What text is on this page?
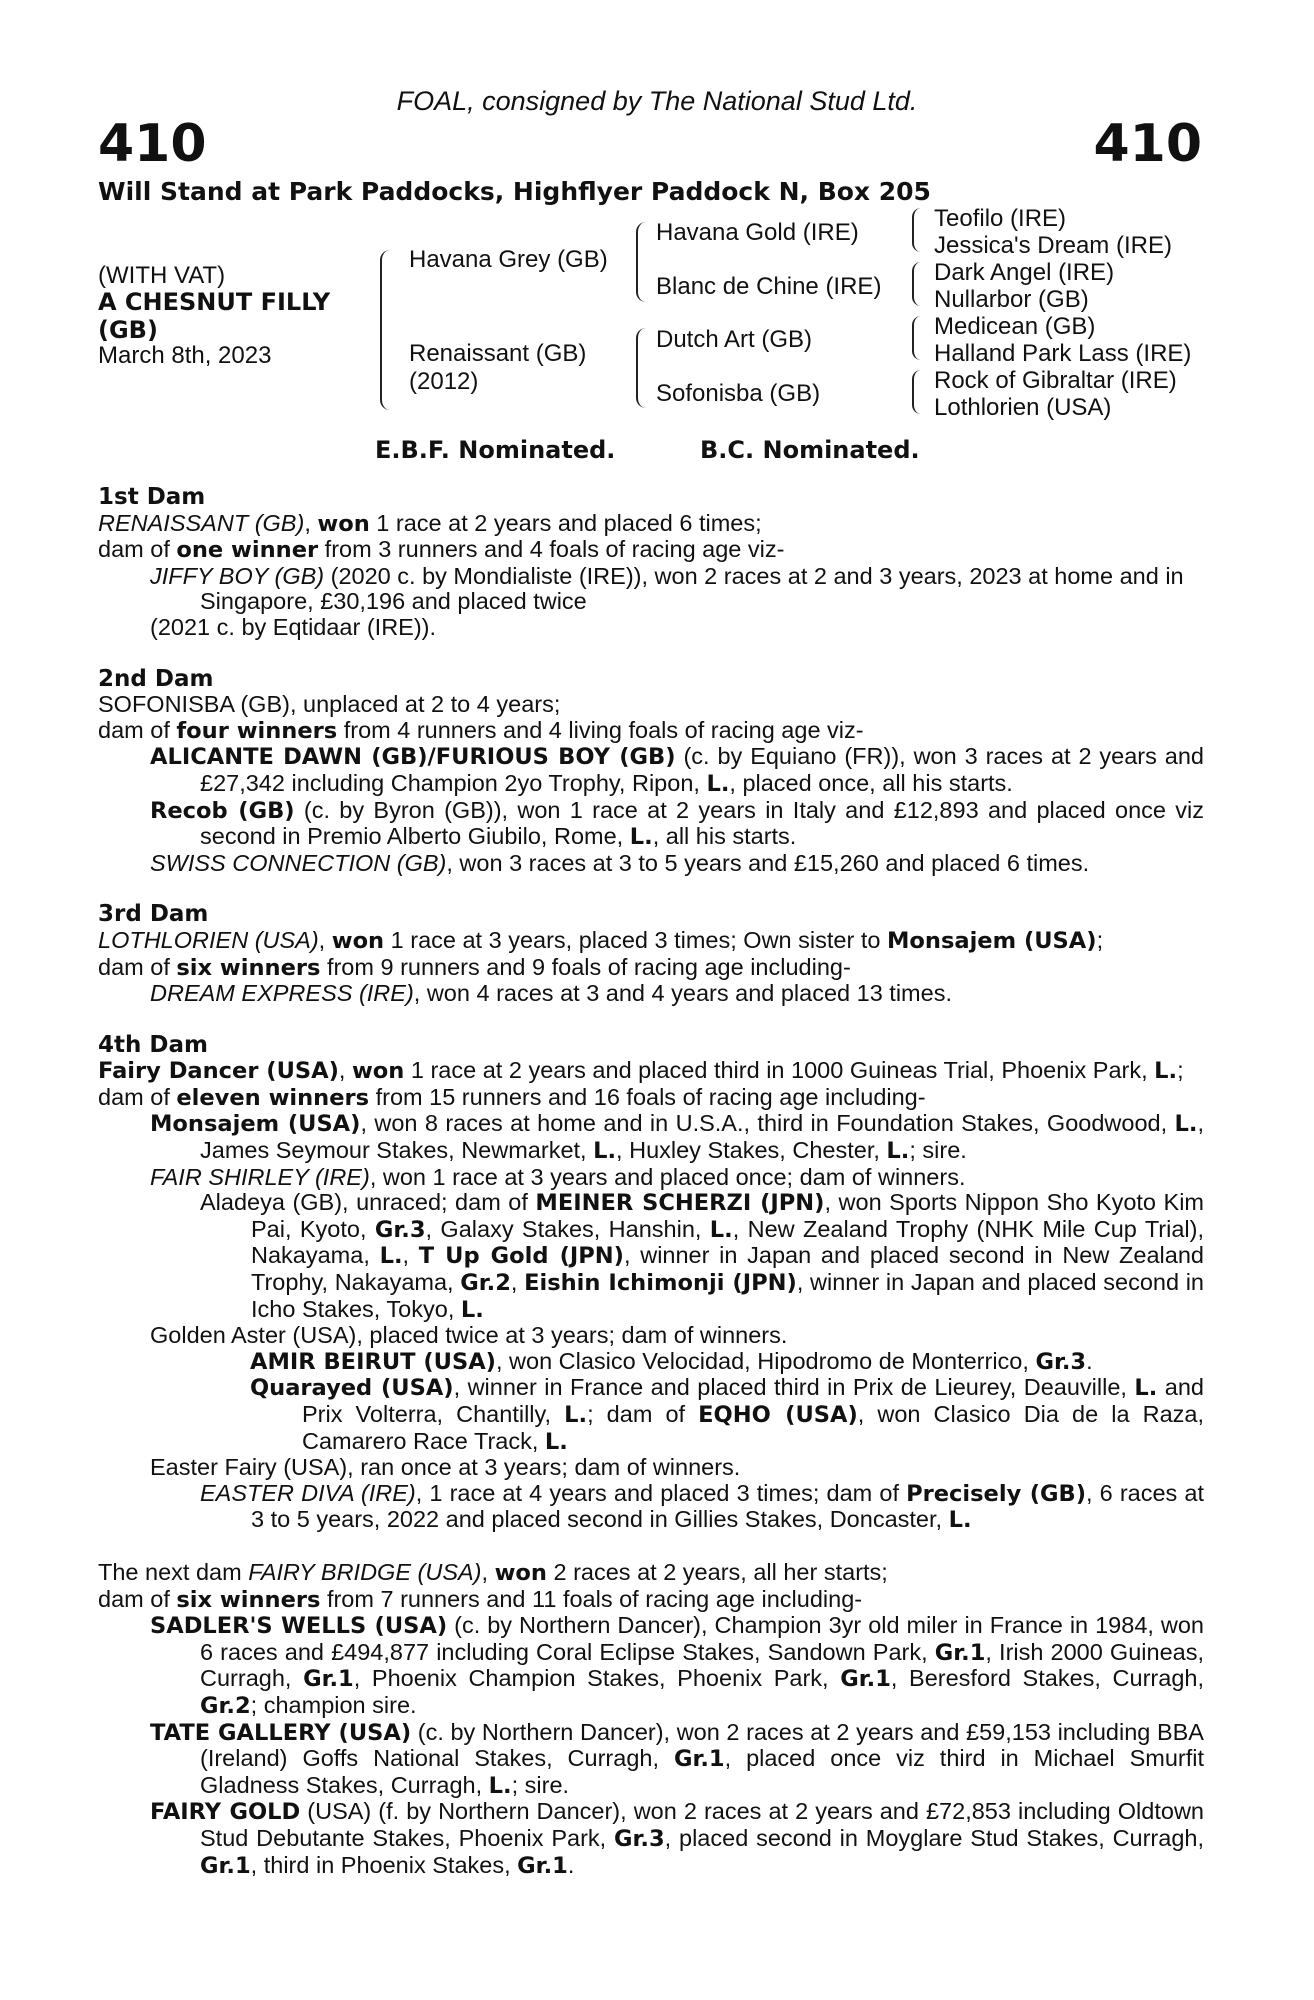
FOAL, consigned by The National Stud Ltd.
410	410
Will Stand at Park Paddocks, Highflyer Paddock N, Box 205
(WITH VAT)
A CHESNUT FILLY
(GB)
March 8th, 2023
Havana Grey (GB)
Renaissant (GB)
(2012)
Havana Gold (IRE)
Blanc de Chine (IRE)
Dutch Art (GB)
Sofonisba (GB)
Teofilo (IRE)
Jessica's Dream (IRE)
Dark Angel (IRE)
Nullarbor (GB)
Medicean (GB)
Halland Park Lass (IRE)
Rock of Gibraltar (IRE)
Lothlorien (USA)
E.B.F. Nominated.	B.C. Nominated.

1st Dam

RENAISSANT (GB), won 1 race at 2 years and placed 6 times;

dam of one winner from 3 runners and 4 foals of racing age viz-

JIFFY BOY (GB) (2020 c. by Mondialiste (IRE)), won 2 races at 2 and 3 years, 2023 at home and in Singapore, £30,196 and placed twice

(2021 c. by Eqtidaar (IRE)).

2nd Dam

SOFONISBA (GB), unplaced at 2 to 4 years;

dam of four winners from 4 runners and 4 living foals of racing age viz-

ALICANTE DAWN (GB)/FURIOUS BOY (GB) (c. by Equiano (FR)), won 3 races at 2 years and £27,342 including Champion 2yo Trophy, Ripon, L., placed once, all his starts.

Recob (GB) (c. by Byron (GB)), won 1 race at 2 years in Italy and £12,893 and placed once viz second in Premio Alberto Giubilo, Rome, L., all his starts.

SWISS CONNECTION (GB), won 3 races at 3 to 5 years and £15,260 and placed 6 times.

3rd Dam

LOTHLORIEN (USA), won 1 race at 3 years, placed 3 times; Own sister to Monsajem (USA);

dam of six winners from 9 runners and 9 foals of racing age including-

DREAM EXPRESS (IRE), won 4 races at 3 and 4 years and placed 13 times.

4th Dam

Fairy Dancer (USA), won 1 race at 2 years and placed third in 1000 Guineas Trial, Phoenix Park, L.;

dam of eleven winners from 15 runners and 16 foals of racing age including-

Monsajem (USA), won 8 races at home and in U.S.A., third in Foundation Stakes, Goodwood, L., James Seymour Stakes, Newmarket, L., Huxley Stakes, Chester, L.; sire.

FAIR SHIRLEY (IRE), won 1 race at 3 years and placed once; dam of winners.

Aladeya (GB), unraced; dam of MEINER SCHERZI (JPN), won Sports Nippon Sho Kyoto Kim Pai, Kyoto, Gr.3, Galaxy Stakes, Hanshin, L., New Zealand Trophy (NHK Mile Cup Trial), Nakayama, L., T Up Gold (JPN), winner in Japan and placed second in New Zealand Trophy, Nakayama, Gr.2, Eishin Ichimonji (JPN), winner in Japan and placed second in Icho Stakes, Tokyo, L.

Golden Aster (USA), placed twice at 3 years; dam of winners.

AMIR BEIRUT (USA), won Clasico Velocidad, Hipodromo de Monterrico, Gr.3.

Quarayed (USA), winner in France and placed third in Prix de Lieurey, Deauville, L. and Prix Volterra, Chantilly, L.; dam of EQHO (USA), won Clasico Dia de la Raza, Camarero Race Track, L.

Easter Fairy (USA), ran once at 3 years; dam of winners.

EASTER DIVA (IRE), 1 race at 4 years and placed 3 times; dam of Precisely (GB), 6 races at 3 to 5 years, 2022 and placed second in Gillies Stakes, Doncaster, L.

The next dam FAIRY BRIDGE (USA), won 2 races at 2 years, all her starts;

dam of six winners from 7 runners and 11 foals of racing age including-

SADLER'S WELLS (USA) (c. by Northern Dancer), Champion 3yr old miler in France in 1984, won 6 races and £494,877 including Coral Eclipse Stakes, Sandown Park, Gr.1, Irish 2000 Guineas, Curragh, Gr.1, Phoenix Champion Stakes, Phoenix Park, Gr.1, Beresford Stakes, Curragh, Gr.2; champion sire.

TATE GALLERY (USA) (c. by Northern Dancer), won 2 races at 2 years and £59,153 including BBA (Ireland) Goffs National Stakes, Curragh, Gr.1, placed once viz third in Michael Smurfit Gladness Stakes, Curragh, L.; sire.

FAIRY GOLD (USA) (f. by Northern Dancer), won 2 races at 2 years and £72,853 including Oldtown Stud Debutante Stakes, Phoenix Park, Gr.3, placed second in Moyglare Stud Stakes, Curragh, Gr.1, third in Phoenix Stakes, Gr.1.
